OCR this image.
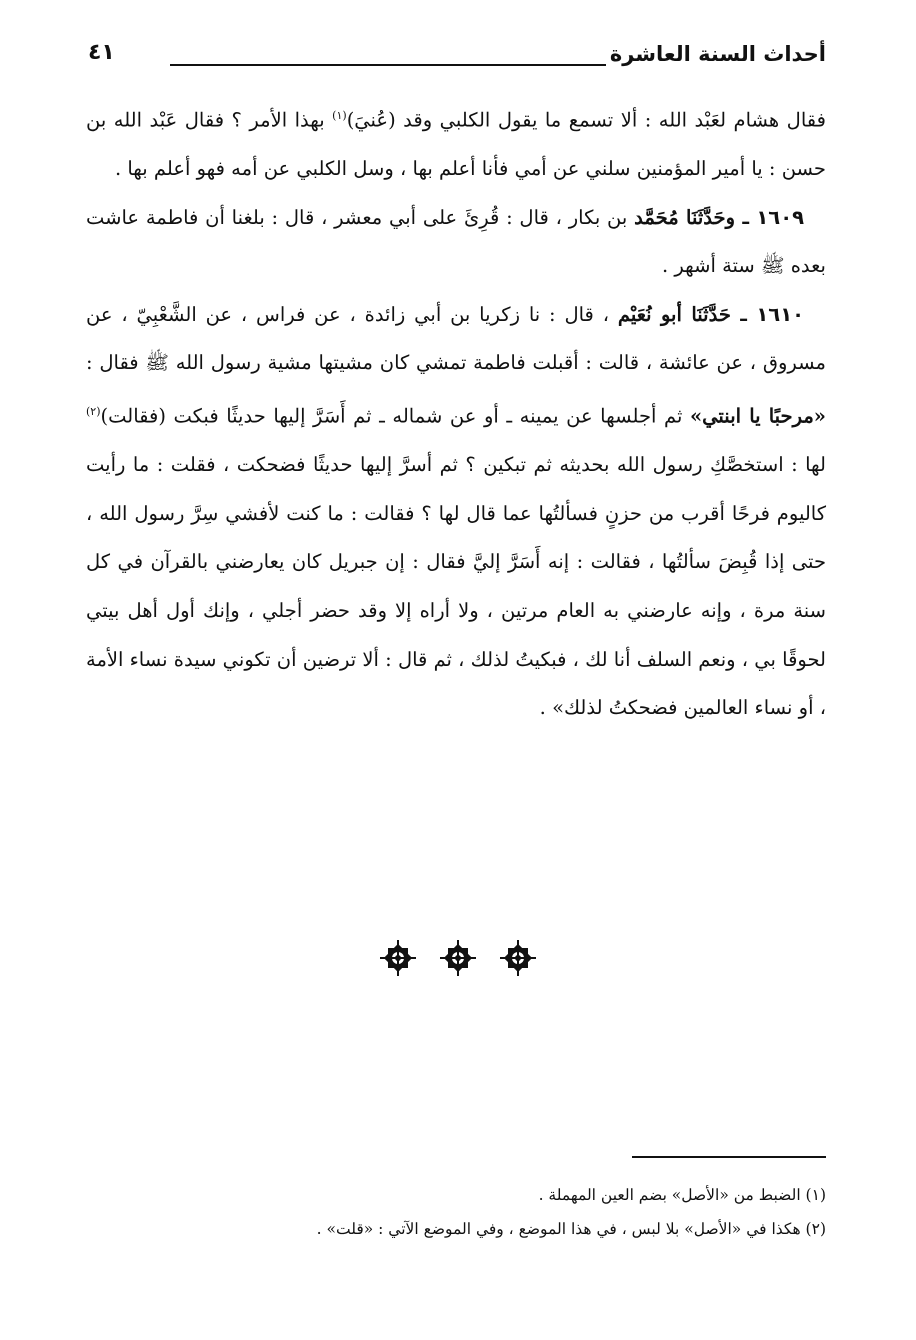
أحداث السنة العاشرة
٤١

فقال هشام لعَبْد الله : ألا تسمع ما يقول الكلبي وقد (عُنيَ)$^{(١)}$ بهذا الأمر ؟ فقال عَبْد الله بن حسن : يا أمير المؤمنين سلني عن أمي فأنا أعلم بها ، وسل الكلبي عن أمه فهو أعلم بها .

١٦٠٩ ـ وحَدَّثَنَا مُحَمَّد بن بكار ، قال : قُرِئَ على أبي معشر ، قال : بلغنا أن فاطمة عاشت بعده ﷺ ستة أشهر .

١٦١٠ ـ حَدَّثَنَا أبو نُعَيْم ، قال : نا زكريا بن أبي زائدة ، عن فراس ، عن الشَّعْبِيّ ، عن مسروق ، عن عائشة ، قالت : أقبلت فاطمة تمشي كان مشيتها مشية رسول الله ﷺ فقال : «مرحبًا يا ابنتي» ثم أجلسها عن يمينه ـ أو عن شماله ـ ثم أَسَرَّ إليها حديثًا فبكت (فقالت)$^{(٢)}$ لها : استخصَّكِ رسول الله بحديثه ثم تبكين ؟ ثم أسرَّ إليها حديثًا فضحكت ، فقلت : ما رأيت كاليوم فرحًا أقرب من حزنٍ فسألتُها عما قال لها ؟ فقالت : ما كنت لأفشي سِرَّ رسول الله ، حتى إذا قُبِضَ سألتُها ، فقالت : إنه أَسَرَّ إليَّ فقال : إن جبريل كان يعارضني بالقرآن في كل سنة مرة ، وإنه عارضني به العام مرتين ، ولا أراه إلا وقد حضر أجلي ، وإنك أول أهل بيتي لحوقًا بي ، ونعم السلف أنا لك ، فبكيتُ لذلك ، ثم قال : ألا ترضين أن تكوني سيدة نساء الأمة ، أو نساء العالمين فضحكتُ لذلك» .

(١) الضبط من «الأصل» بضم العين المهملة .
(٢) هكذا في «الأصل» بلا لبس ، في هذا الموضع ، وفي الموضع الآتي : «قلت» .
